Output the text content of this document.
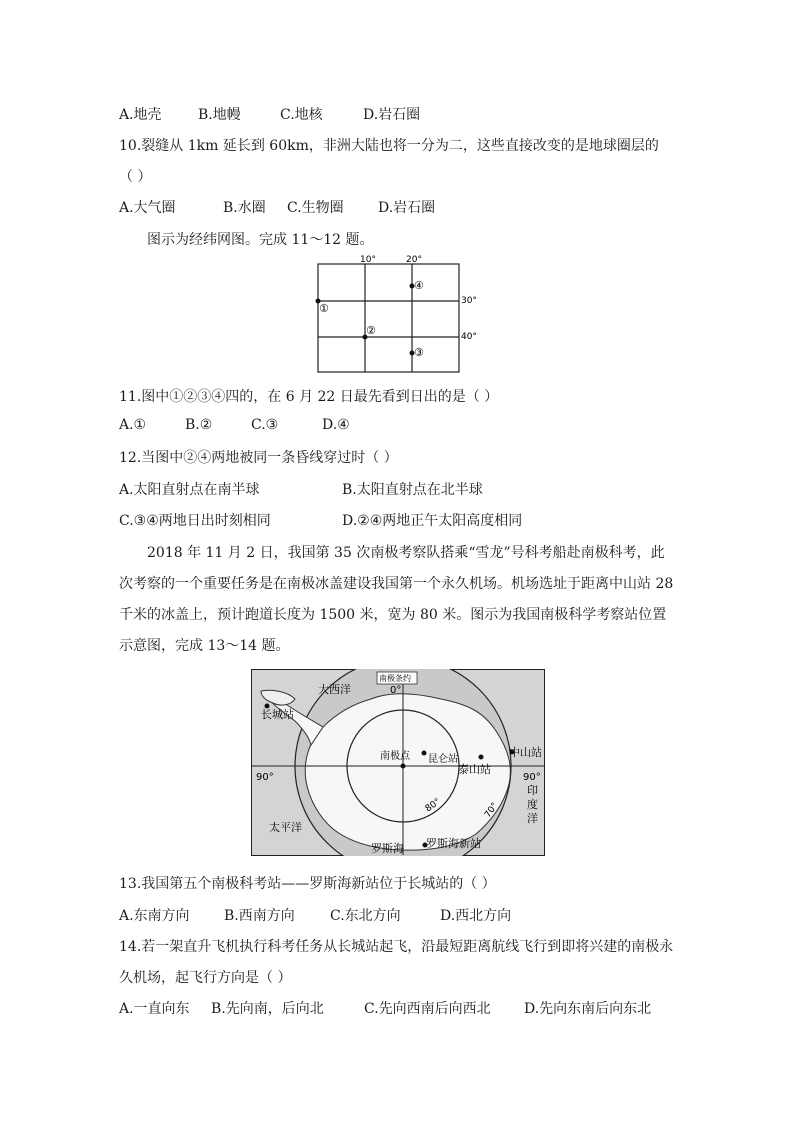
A.地壳	B.地幔	C.地核	D.岩石圈
10.裂缝从 1km 延长到 60km，非洲大陆也将一分为二，这些直接改变的是地球圈层的
（ ）
A.大气圈	B.水圈 C.生物圈 D.岩石圈
图示为经纬网图。完成 11～12 题。
10°	20°
30°
40°
①
②
③
④
11.图中①②③④四的，在 6 月 22 日最先看到日出的是（ ）
A.①	B.②	C.③	D.④
12.当图中②④两地被同一条昏线穿过时（ ）
A.太阳直射点在南半球	B.太阳直射点在北半球
C.③④两地日出时刻相同	D.②④两地正午太阳高度相同
2018 年 11 月 2 日，我国第 35 次南极考察队搭乘“雪龙”号科考船赴南极科考，此次考察的一个重要任务是在南极冰盖建设我国第一个永久机场。机场选址于距离中山站 28 千米的冰盖上，预计跑道长度为 1500 米，宽为 80 米。图示为我国南极科学考察站位置示意图，完成 13～14 题。
南极条约
大西洋	0°
长城站
南极点 昆仑站
泰山站
中山站
90°	90°
印
度
洋
80°	70°
太平洋
罗斯海 罗斯海新站
13.我国第五个南极科考站——罗斯海新站位于长城站的（ ）
A.东南方向 B.西南方向	C.东北方向	D.西北方向
14.若一架直升飞机执行科考任务从长城站起飞，沿最短距离航线飞行到即将兴建的南极永
久机场，起飞行方向是（ ）
A.一直向东 B.先向南，后向北	C.先向西南后向西北 D.先向东南后向东北
